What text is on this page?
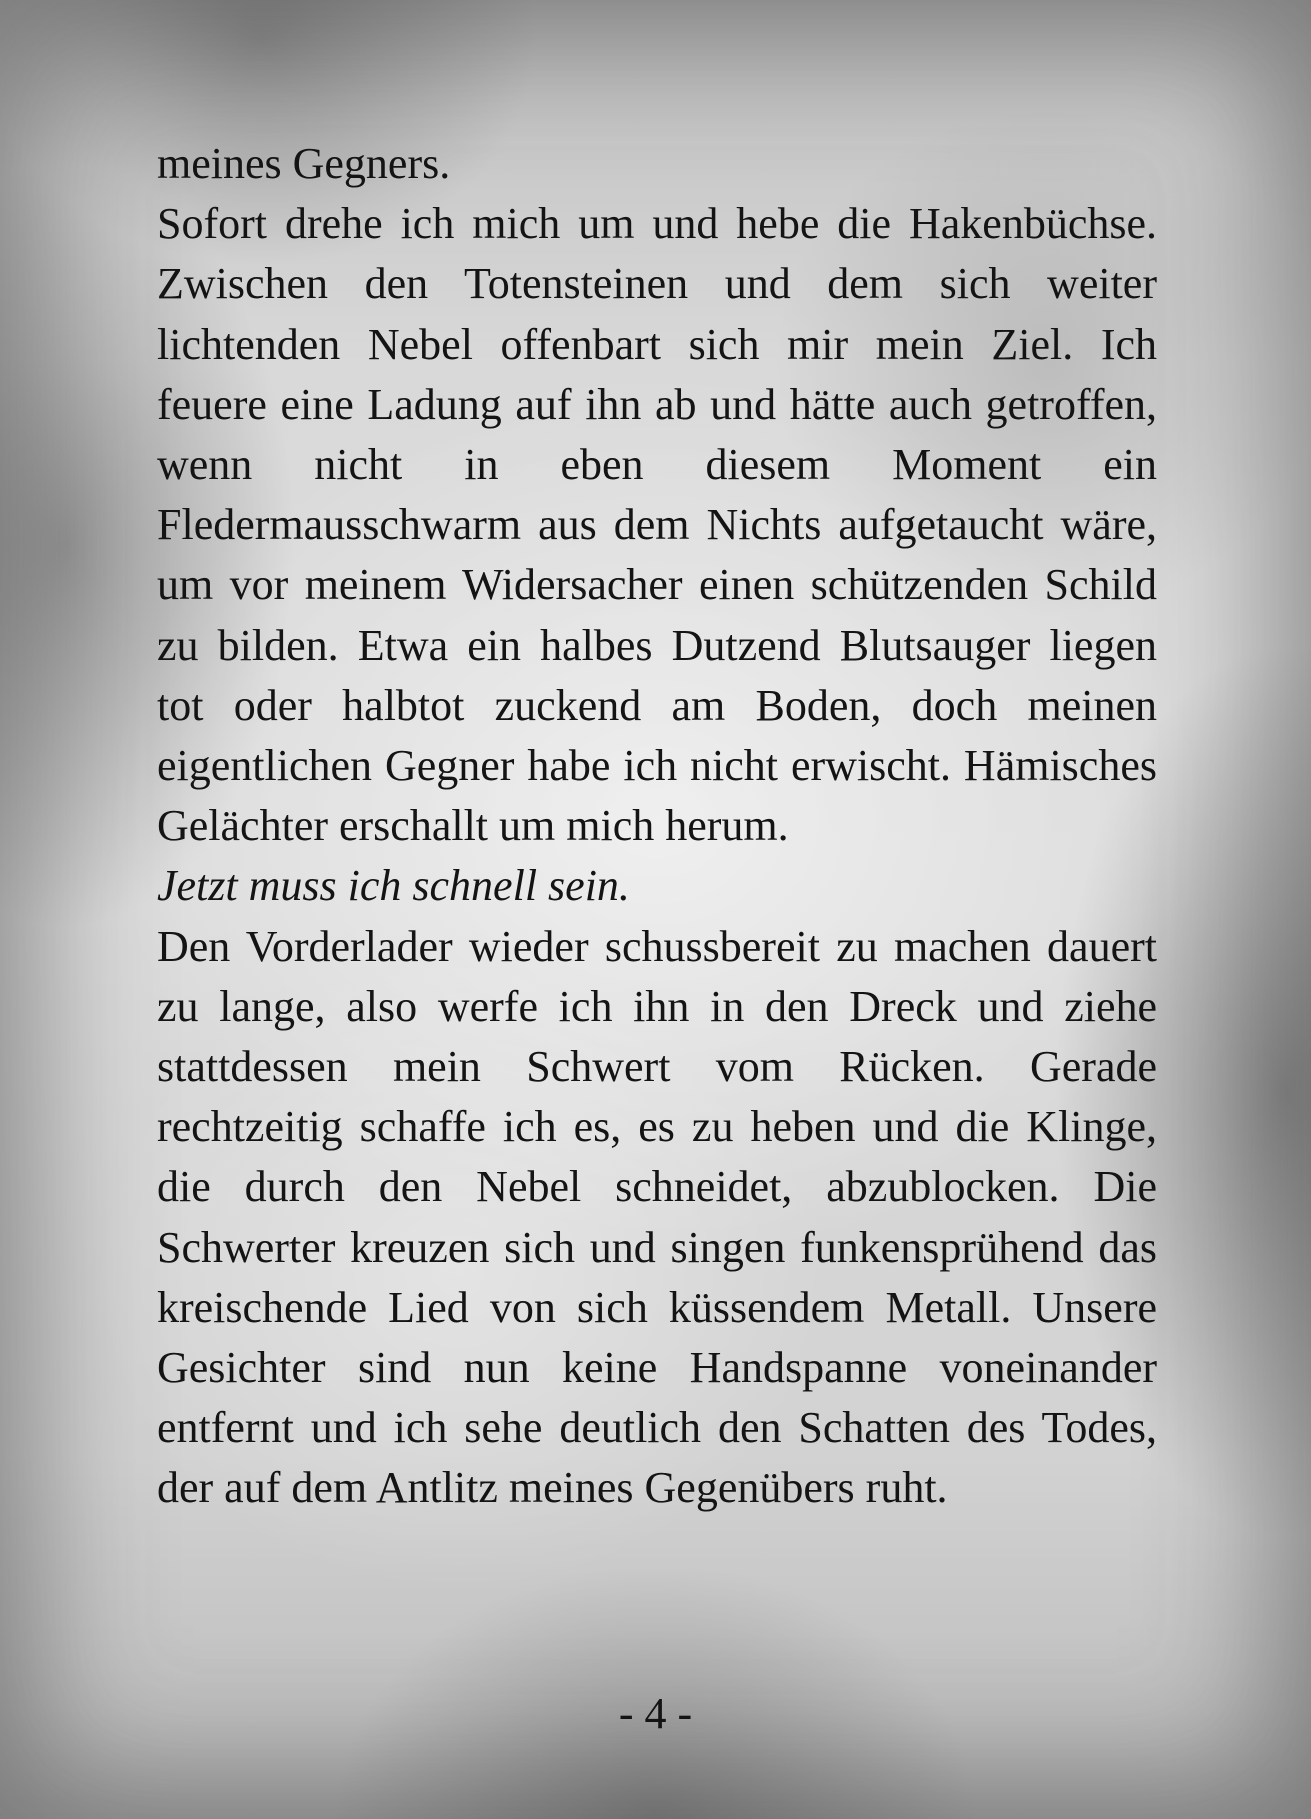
meines Gegners.

Sofort drehe ich mich um und hebe die Hakenbüchse. Zwischen den Totensteinen und dem sich weiter lichtenden Nebel offenbart sich mir mein Ziel. Ich feuere eine Ladung auf ihn ab und hätte auch getroffen, wenn nicht in eben diesem Moment ein Fledermausschwarm aus dem Nichts aufgetaucht wäre, um vor meinem Widersacher einen schützenden Schild zu bilden. Etwa ein halbes Dutzend Blutsauger liegen tot oder halbtot zuckend am Boden, doch meinen eigentlichen Gegner habe ich nicht erwischt. Hämisches Gelächter erschallt um mich herum.

Jetzt muss ich schnell sein.

Den Vorderlader wieder schussbereit zu machen dauert zu lange, also werfe ich ihn in den Dreck und ziehe stattdessen mein Schwert vom Rücken. Gerade rechtzeitig schaffe ich es, es zu heben und die Klinge, die durch den Nebel schneidet, abzublocken. Die Schwerter kreuzen sich und singen funkensprühend das kreischende Lied von sich küssendem Metall. Unsere Gesichter sind nun keine Handspanne voneinander entfernt und ich sehe deutlich den Schatten des Todes, der auf dem Antlitz meines Gegenübers ruht.

- 4 -
